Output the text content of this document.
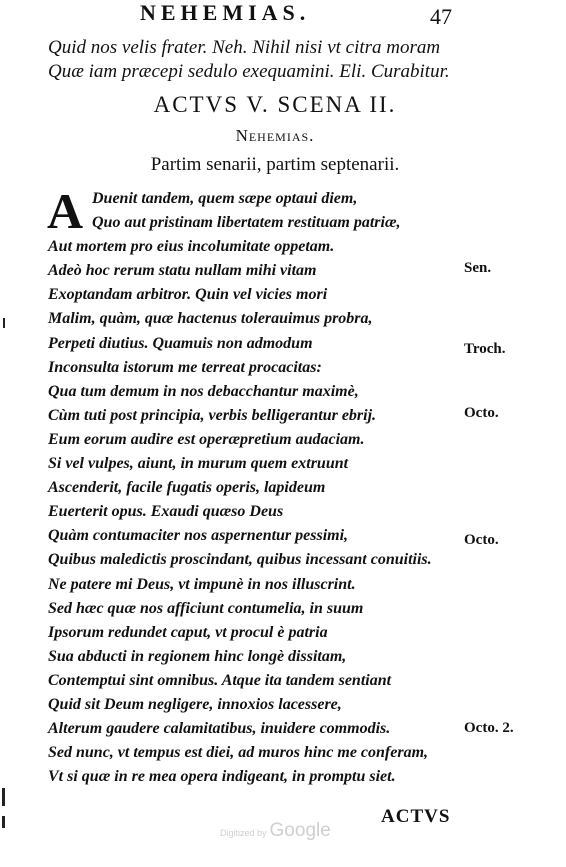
NEHEMIAS.	47
Quid nos velis frater. Neh. Nihil nisi vt citra moram
Quæ iam præcepi sedulo exequamini. Eli. Curabitur.
ACTVS V. SCENA II.
Nehemias.
Partim senarii, partim septenarii.
A Duenit tandem, quem sæpe optaui diem,
Quo aut pristinam libertatem restituam patriæ,
Aut mortem pro eius incolumitate oppetam.
Adeò hoc rerum statu nullam mihi vitam
Exoptandam arbitror. Quin vel vicies mori
Malim, quàm, quæ hactenus tolerauimus probra,
Perpeti diutius. Quamuis non admodum
Inconsulta istorum me terreat procacitas:
Qua tum demum in nos debacchantur maximè,
Cùm tuti post principia, verbis belligerantur ebrij.
Eum eorum audire est operæpretium audaciam.
Si vel vulpes, aiunt, in murum quem extruunt
Ascenderit, facile fugatis operis, lapideum
Euerterit opus. Exaudi quæso Deus
Quàm contumaciter nos aspernentur pessimi,
Quibus maledictis proscindant, quibus incessant conuitiis.
Ne patere mi Deus, vt impunè in nos illuscrint.
Sed hæc quæ nos afficiunt contumelia, in suum
Ipsorum redundet caput, vt procul è patria
Sua abducti in regionem hinc longè dissitam,
Contemptui sint omnibus. Atque ita tandem sentiant
Quid sit Deum negligere, innoxios lacessere,
Alterum gaudere calamitatibus, inuidere commodis.
Sed nunc, vt tempus est diei, ad muros hinc me conferam,
Vt si quæ in re mea opera indigeant, in promptu siet.
Sen.
Troch.
Octo.
Octo.
Octo. 2.
ACTVS
Digitized by Google
